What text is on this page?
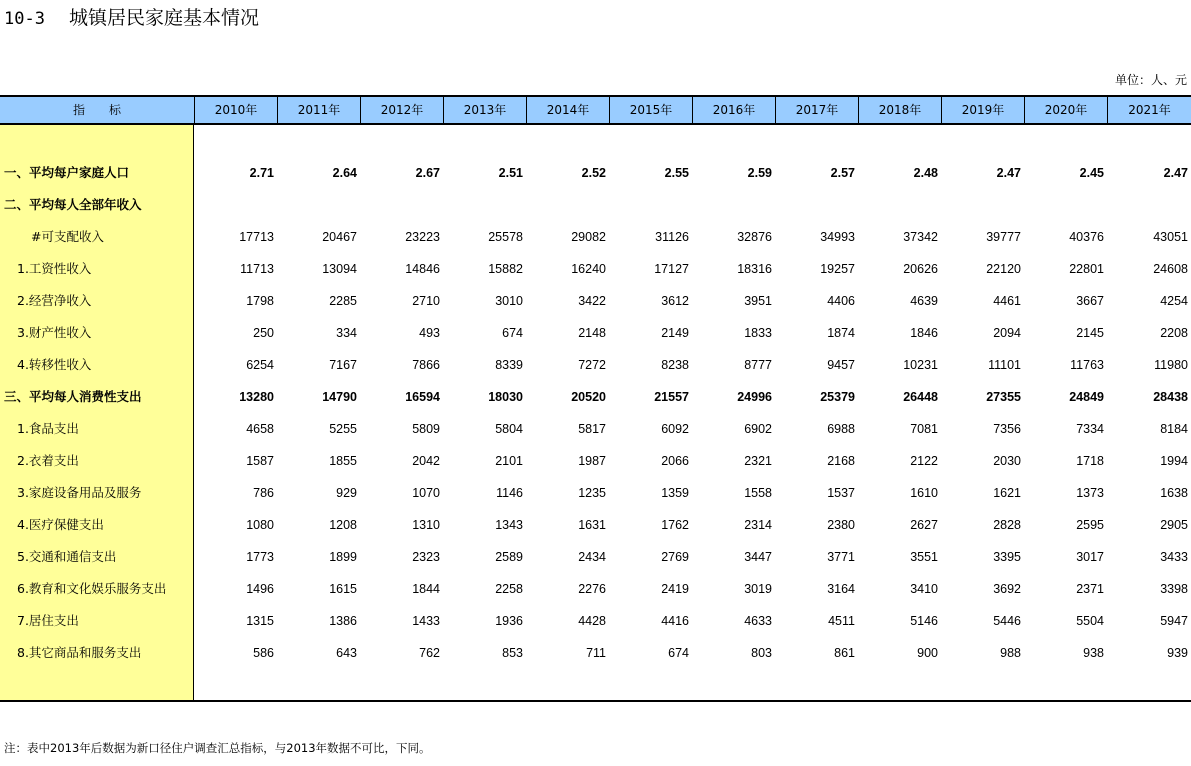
10-3 城镇居民家庭基本情况
单位：人、元
指　　标	2010年	2011年	2012年	2013年	2014年	2015年	2016年	2017年	2018年	2019年	2020年	2021年
一、平均每户家庭人口	2.71	2.64	2.67	2.51	2.52	2.55	2.59	2.57	2.48	2.47	2.45	2.47
二、平均每人全部年收入
#可支配收入	17713	20467	23223	25578	29082	31126	32876	34993	37342	39777	40376	43051
1.工资性收入	11713	13094	14846	15882	16240	17127	18316	19257	20626	22120	22801	24608
2.经营净收入	1798	2285	2710	3010	3422	3612	3951	4406	4639	4461	3667	4254
3.财产性收入	250	334	493	674	2148	2149	1833	1874	1846	2094	2145	2208
4.转移性收入	6254	7167	7866	8339	7272	8238	8777	9457	10231	11101	11763	11980
三、平均每人消费性支出	13280	14790	16594	18030	20520	21557	24996	25379	26448	27355	24849	28438
1.食品支出	4658	5255	5809	5804	5817	6092	6902	6988	7081	7356	7334	8184
2.衣着支出	1587	1855	2042	2101	1987	2066	2321	2168	2122	2030	1718	1994
3.家庭设备用品及服务	786	929	1070	1146	1235	1359	1558	1537	1610	1621	1373	1638
4.医疗保健支出	1080	1208	1310	1343	1631	1762	2314	2380	2627	2828	2595	2905
5.交通和通信支出	1773	1899	2323	2589	2434	2769	3447	3771	3551	3395	3017	3433
6.教育和文化娱乐服务支出	1496	1615	1844	2258	2276	2419	3019	3164	3410	3692	2371	3398
7.居住支出	1315	1386	1433	1936	4428	4416	4633	4511	5146	5446	5504	5947
8.其它商品和服务支出	586	643	762	853	711	674	803	861	900	988	938	939
注：表中2013年后数据为新口径住户调查汇总指标，与2013年数据不可比，下同。
